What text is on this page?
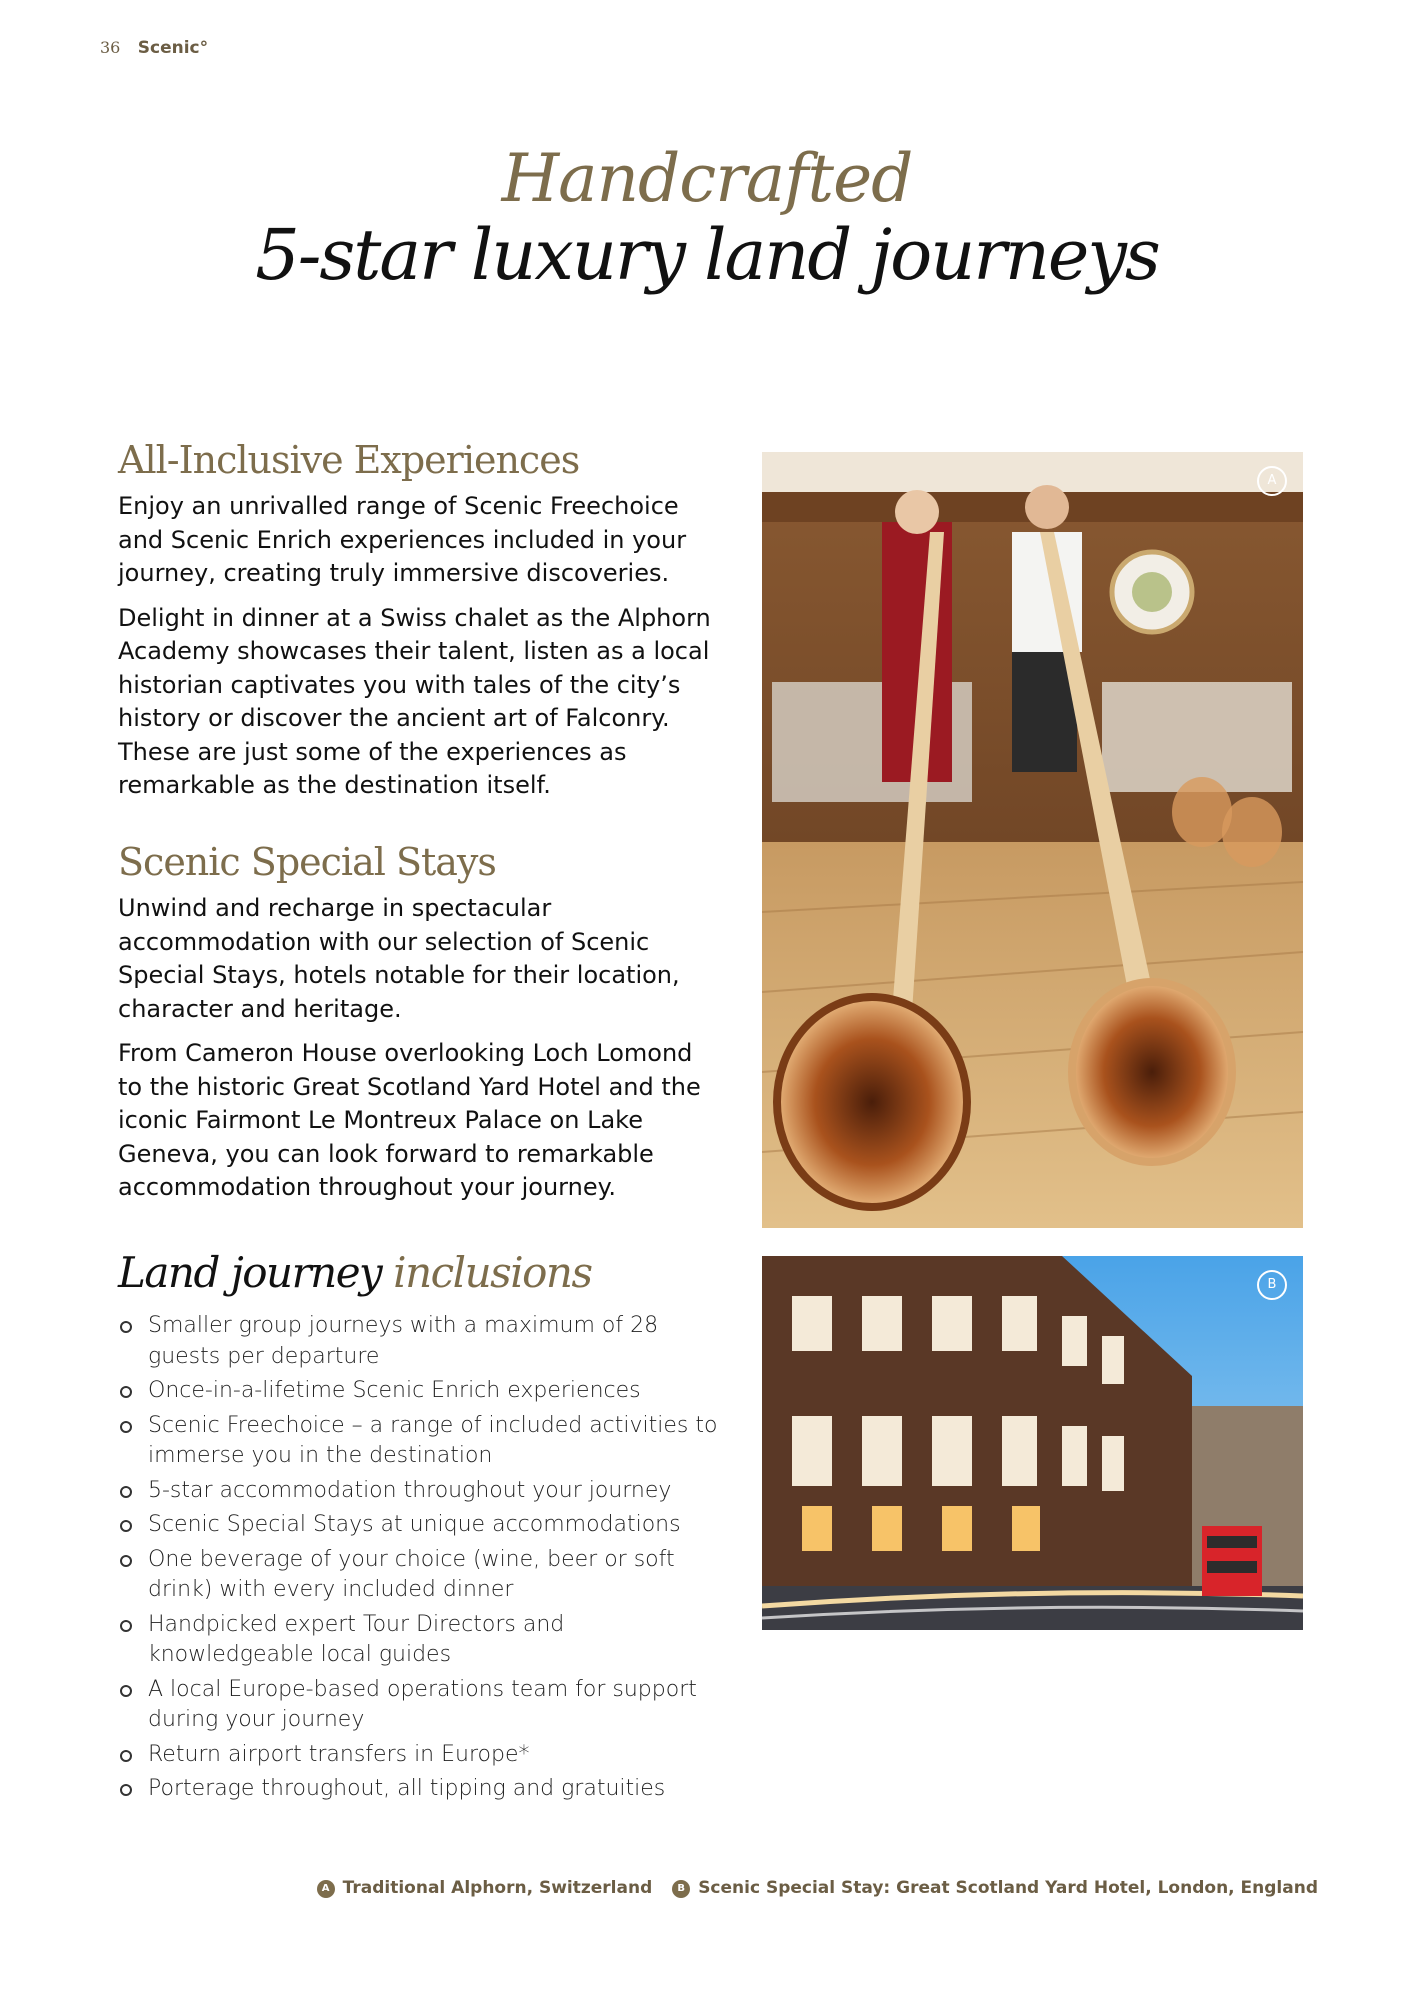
36 Scenic°
Handcrafted
5-star luxury land journeys
All-Inclusive Experiences

Enjoy an unrivalled range of Scenic Freechoice and Scenic Enrich experiences included in your journey, creating truly immersive discoveries.

Delight in dinner at a Swiss chalet as the Alphorn Academy showcases their talent, listen as a local historian captivates you with tales of the city’s history or discover the ancient art of Falconry. These are just some of the experiences as remarkable as the destination itself.

Scenic Special Stays

Unwind and recharge in spectacular accommodation with our selection of Scenic Special Stays, hotels notable for their location, character and heritage.

From Cameron House overlooking Loch Lomond to the historic Great Scotland Yard Hotel and the iconic Fairmont Le Montreux Palace on Lake Geneva, you can look forward to remarkable accommodation throughout your journey.

Land journey inclusions
Smaller group journeys with a maximum of 28 guests per departure
Once-in-a-lifetime Scenic Enrich experiences
Scenic Freechoice – a range of included activities to immerse you in the destination
5-star accommodation throughout your journey
Scenic Special Stays at unique accommodations
One beverage of your choice (wine, beer or soft drink) with every included dinner
Handpicked expert Tour Directors and knowledgeable local guides
A local Europe-based operations team for support during your journey
Return airport transfers in Europe*
Porterage throughout, all tipping and gratuities
A
B
A Traditional Alphorn, Switzerland	B Scenic Special Stay: Great Scotland Yard Hotel, London, England
